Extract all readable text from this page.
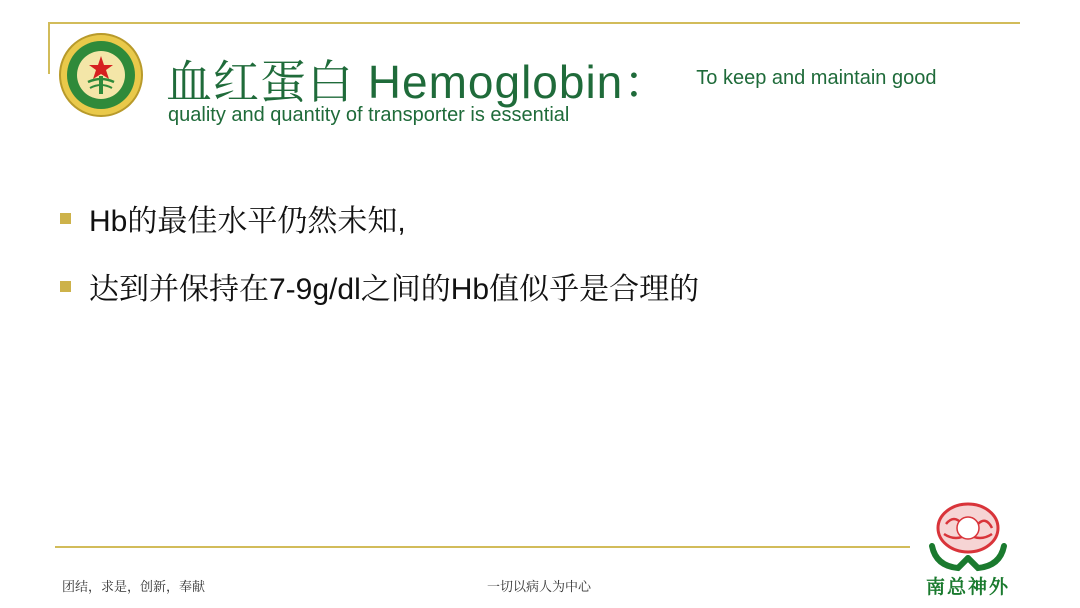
血红蛋白 Hemoglobin： To keep and maintain good
quality and quantity of transporter is essential
Hb的最佳水平仍然未知,
达到并保持在7-9g/dl之间的Hb值似乎是合理的
团结，求是，创新，奉献	一切以病人为中心	南总神外
